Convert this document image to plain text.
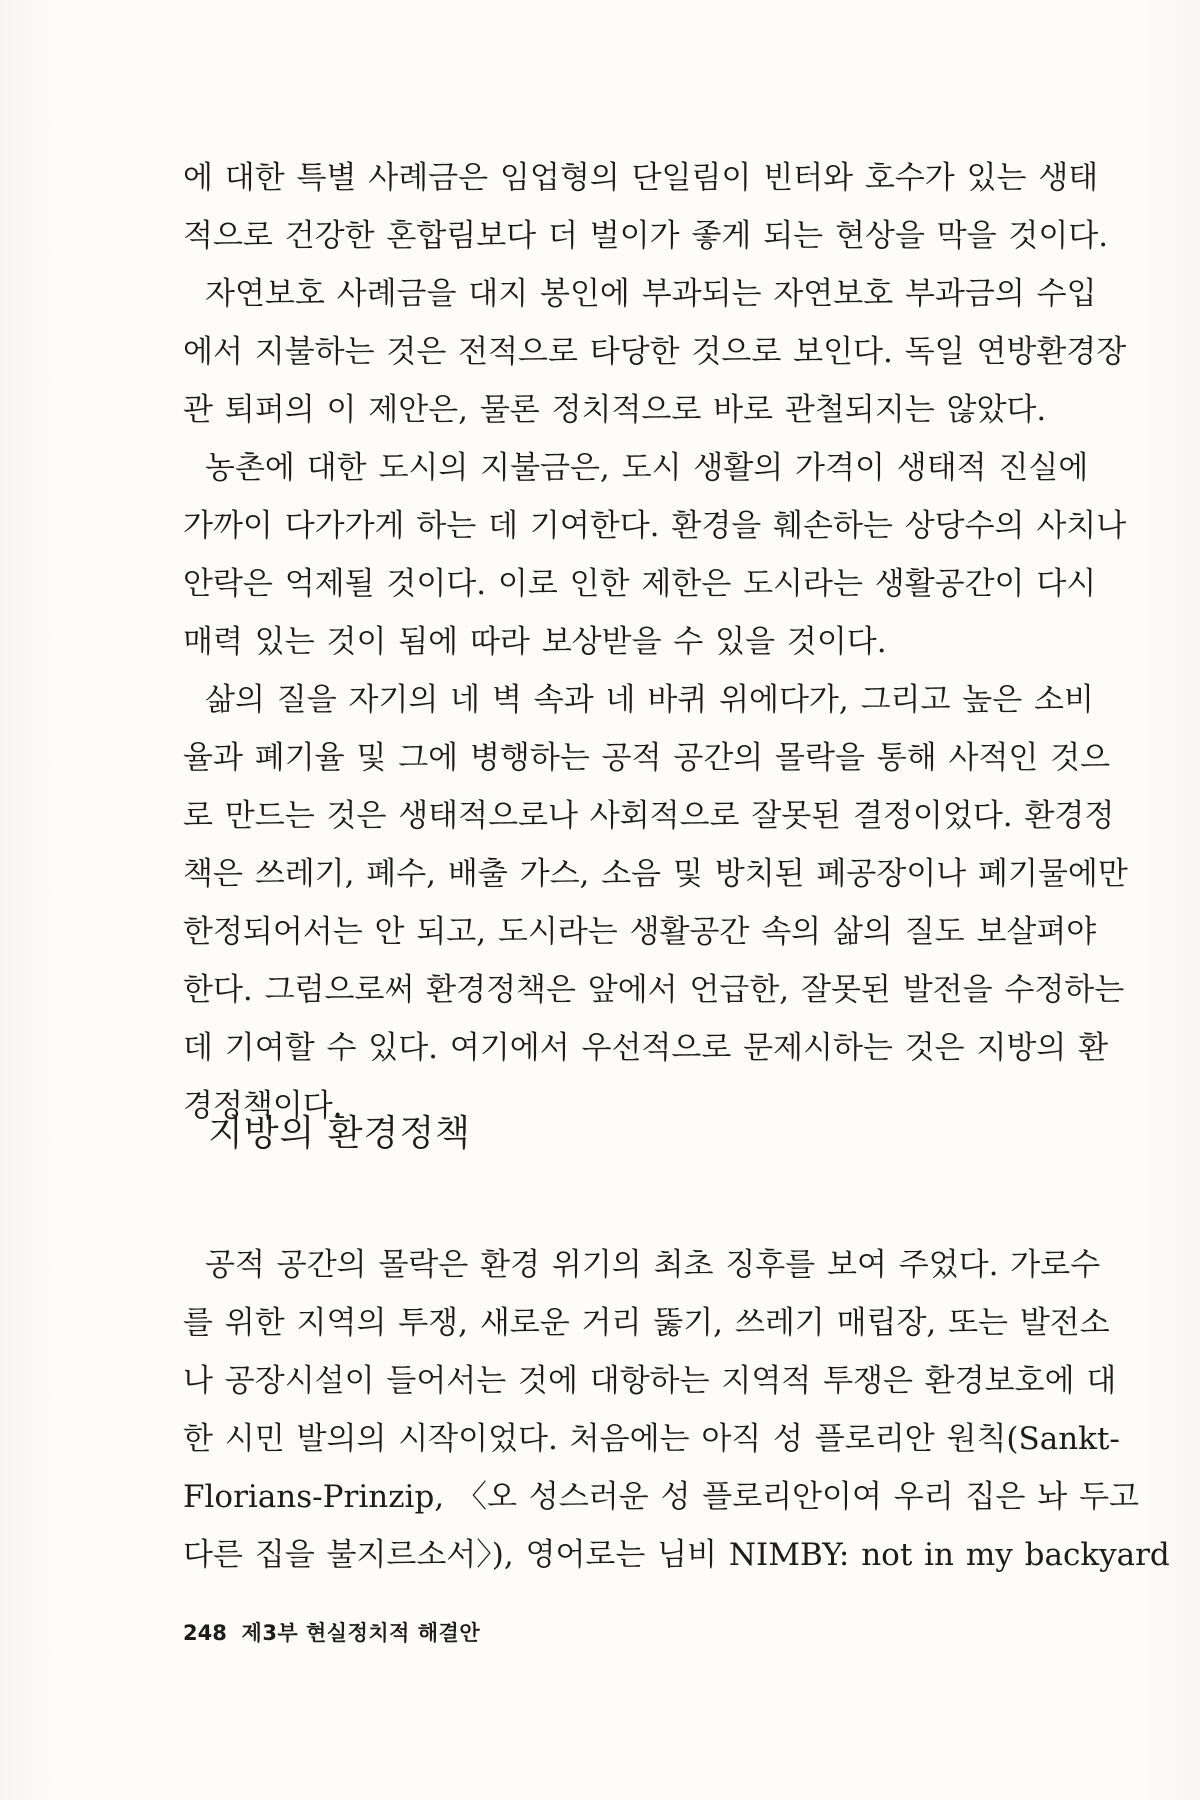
에 대한 특별 사례금은 임업형의 단일림이 빈터와 호수가 있는 생태
적으로 건강한 혼합림보다 더 벌이가 좋게 되는 현상을 막을 것이다.
자연보호 사례금을 대지 봉인에 부과되는 자연보호 부과금의 수입
에서 지불하는 것은 전적으로 타당한 것으로 보인다. 독일 연방환경장
관 퇴퍼의 이 제안은, 물론 정치적으로 바로 관철되지는 않았다.
농촌에 대한 도시의 지불금은, 도시 생활의 가격이 생태적 진실에
가까이 다가가게 하는 데 기여한다. 환경을 훼손하는 상당수의 사치나
안락은 억제될 것이다. 이로 인한 제한은 도시라는 생활공간이 다시
매력 있는 것이 됨에 따라 보상받을 수 있을 것이다.
삶의 질을 자기의 네 벽 속과 네 바퀴 위에다가, 그리고 높은 소비
율과 폐기율 및 그에 병행하는 공적 공간의 몰락을 통해 사적인 것으
로 만드는 것은 생태적으로나 사회적으로 잘못된 결정이었다. 환경정
책은 쓰레기, 폐수, 배출 가스, 소음 및 방치된 폐공장이나 폐기물에만
한정되어서는 안 되고, 도시라는 생활공간 속의 삶의 질도 보살펴야
한다. 그럼으로써 환경정책은 앞에서 언급한, 잘못된 발전을 수정하는
데 기여할 수 있다. 여기에서 우선적으로 문제시하는 것은 지방의 환
경정책이다.
지방의 환경정책
공적 공간의 몰락은 환경 위기의 최초 징후를 보여 주었다. 가로수
를 위한 지역의 투쟁, 새로운 거리 뚫기, 쓰레기 매립장, 또는 발전소
나 공장시설이 들어서는 것에 대항하는 지역적 투쟁은 환경보호에 대
한 시민 발의의 시작이었다. 처음에는 아직 성 플로리안 원칙(Sankt-
Florians-Prinzip, 〈오 성스러운 성 플로리안이여 우리 집은 놔 두고
다른 집을 불지르소서〉), 영어로는 님비 NIMBY: not in my backyard
248 제3부 현실정치적 해결안
